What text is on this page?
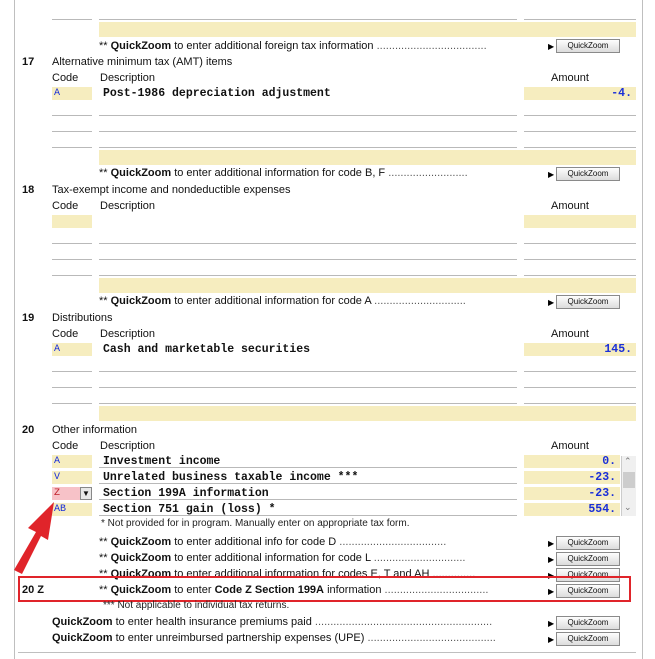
** QuickZoom to enter additional foreign tax information ....................................	▶	QuickZoom
17 Alternative minimum tax (AMT) items
Code Description	Amount
A	Post-1986 depreciation adjustment	-4.
** QuickZoom to enter additional information for code B, F ..........................	▶	QuickZoom
18 Tax-exempt income and nondeductible expenses
Code Description	Amount
** QuickZoom to enter additional information for code A ..............................	▶	QuickZoom
19 Distributions
Code Description	Amount
A	Cash and marketable securities	145.
20 Other information
Code Description	Amount
A	Investment income	0.
V	Unrelated business taxable income ***	-23.
Z	▼	Section 199A information	-23.
AB	Section 751 gain (loss) *	554.
⌃
⌄
* Not provided for in program. Manually enter on appropriate tax form.
** QuickZoom to enter additional info for code D ...................................	▶	QuickZoom
** QuickZoom to enter additional information for code L ..............................	▶	QuickZoom
** QuickZoom to enter additional information for codes E, T and AH ..............	▶	QuickZoom
20 Z	** QuickZoom to enter Code Z Section 199A information ..................................	▶	QuickZoom
*** Not applicable to individual tax returns.
QuickZoom to enter health insurance premiums paid ..........................................................	▶	QuickZoom
QuickZoom to enter unreimbursed partnership expenses (UPE) ..........................................	▶	QuickZoom
